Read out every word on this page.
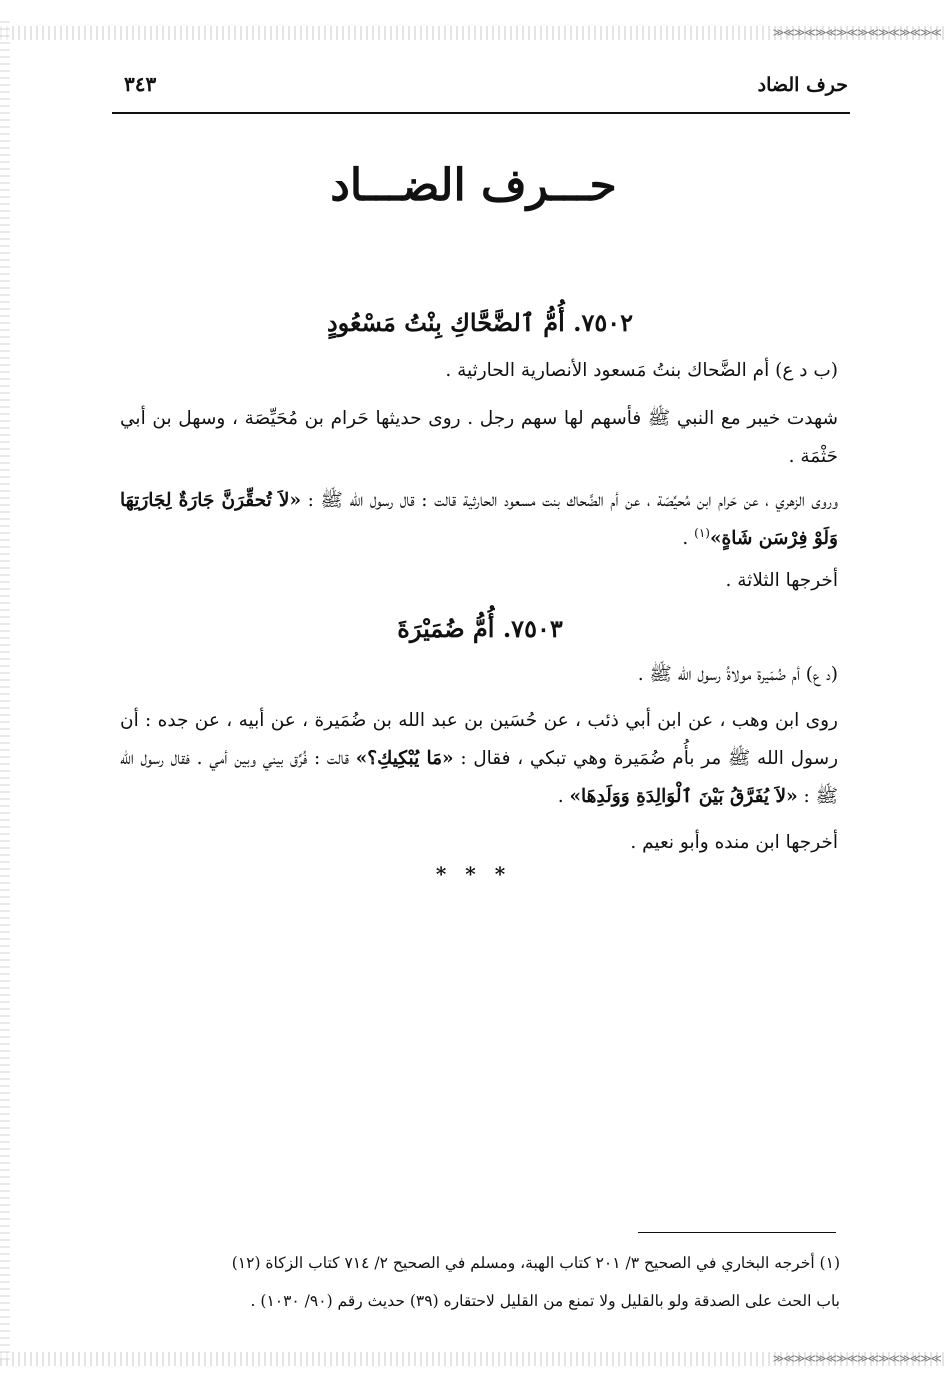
≫≪≫≪≫≪≫≪≫≪≫≪≫≪≫≪
≫≪≫≪≫≪≫≪≫≪≫≪≫≪≫≪
حرف الضاد
٣٤٣
حـــرف الضـــاد
٧٥٠٢. أُمُّ ٱلضَّحَّاكِ بِنْتُ مَسْعُودٍ
(ب د ع) أم الضَّحاك بنتُ مَسعود الأنصارية الحارثية .
شهدت خيبر مع النبي ﷺ فأسهم لها سهم رجل . روى حديثها حَرام بن مُحَيِّصَة ، وسهل بن أبي حَثْمَة .
وروى الزهري ، عن حَرام ابن مُحيِّصَة ، عن أم الضَّحاك بنت مسعود الحارثية قالت : قال رسول الله ﷺ : «لاَ تُحقِّرَنَّ جَارَةٌ لِجَارَتِهَا وَلَوْ فِرْسَن شَاةٍ»$^{(١)}$ .
أخرجها الثلاثة .
٧٥٠٣. أُمُّ ضُمَيْرَةَ
(د ع) أم ضُمَيرة مولاةُ رسول الله ﷺ .
روى ابن وهب ، عن ابن أبي ذئب ، عن حُسَين بن عبد الله بن ضُمَيرة ، عن أبيه ، عن جده : أن رسول الله ﷺ مر بأُم ضُمَيرة وهي تبكي ، فقال : «مَا يُبْكِيكِ؟» قالت : فُرِّق بيني وبين أمي . فقال رسول الله ﷺ : «لاَ يُفَرَّقُ بَيْنَ ٱلْوَالِدَةِ وَوَلَدِهَا» .
أخرجها ابن منده وأبو نعيم .
* * *
(١) أخرجه البخاري في الصحيح ٣/ ٢٠١ كتاب الهبة، ومسلم في الصحيح ٢/ ٧١٤ كتاب الزكاة (١٢)
باب الحث على الصدقة ولو بالقليل ولا تمنع من القليل لاحتقاره (٣٩) حديث رقم (٩٠/ ١٠٣٠) .
